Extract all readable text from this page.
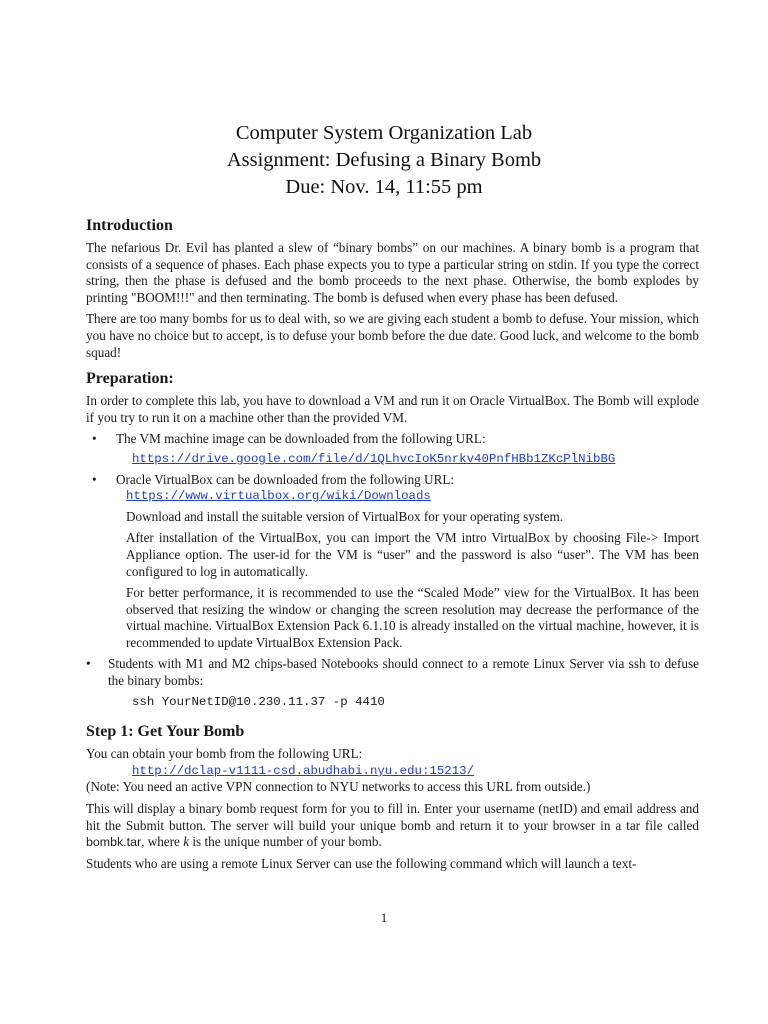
Computer System Organization Lab
Assignment: Defusing a Binary Bomb
Due: Nov. 14, 11:55 pm
Introduction

The nefarious Dr. Evil has planted a slew of “binary bombs” on our machines. A binary bomb is a program that consists of a sequence of phases. Each phase expects you to type a particular string on stdin. If you type the correct string, then the phase is defused and the bomb proceeds to the next phase. Otherwise, the bomb explodes by printing "BOOM!!!" and then terminating. The bomb is defused when every phase has been defused.

There are too many bombs for us to deal with, so we are giving each student a bomb to defuse. Your mission, which you have no choice but to accept, is to defuse your bomb before the due date. Good luck, and welcome to the bomb squad!

Preparation:

In order to complete this lab, you have to download a VM and run it on Oracle VirtualBox. The Bomb will explode if you try to run it on a machine other than the provided VM.

• The VM machine image can be downloaded from the following URL:
https://drive.google.com/file/d/1QLhvcIoK5nrkv40PnfHBb1ZKcPlNibBG
• Oracle VirtualBox can be downloaded from the following URL:
https://www.virtualbox.org/wiki/Downloads

Download and install the suitable version of VirtualBox for your operating system.

After installation of the VirtualBox, you can import the VM intro VirtualBox by choosing File-> Import Appliance option. The user-id for the VM is “user” and the password is also “user”. The VM has been configured to log in automatically.

For better performance, it is recommended to use the “Scaled Mode” view for the VirtualBox. It has been observed that resizing the window or changing the screen resolution may decrease the performance of the virtual machine. VirtualBox Extension Pack 6.1.10 is already installed on the virtual machine, however, it is recommended to update VirtualBox Extension Pack.

• Students with M1 and M2 chips-based Notebooks should connect to a remote Linux Server via ssh to defuse the binary bombs:
ssh YourNetID@10.230.11.37 -p 4410
Step 1: Get Your Bomb
You can obtain your bomb from the following URL:
http://dclap-v1111-csd.abudhabi.nyu.edu:15213/
(Note: You need an active VPN connection to NYU networks to access this URL from outside.)

This will display a binary bomb request form for you to fill in. Enter your username (netID) and email address and hit the Submit button. The server will build your unique bomb and return it to your browser in a tar file called bombk.tar, where k is the unique number of your bomb.

Students who are using a remote Linux Server can use the following command which will launch a text-

1
